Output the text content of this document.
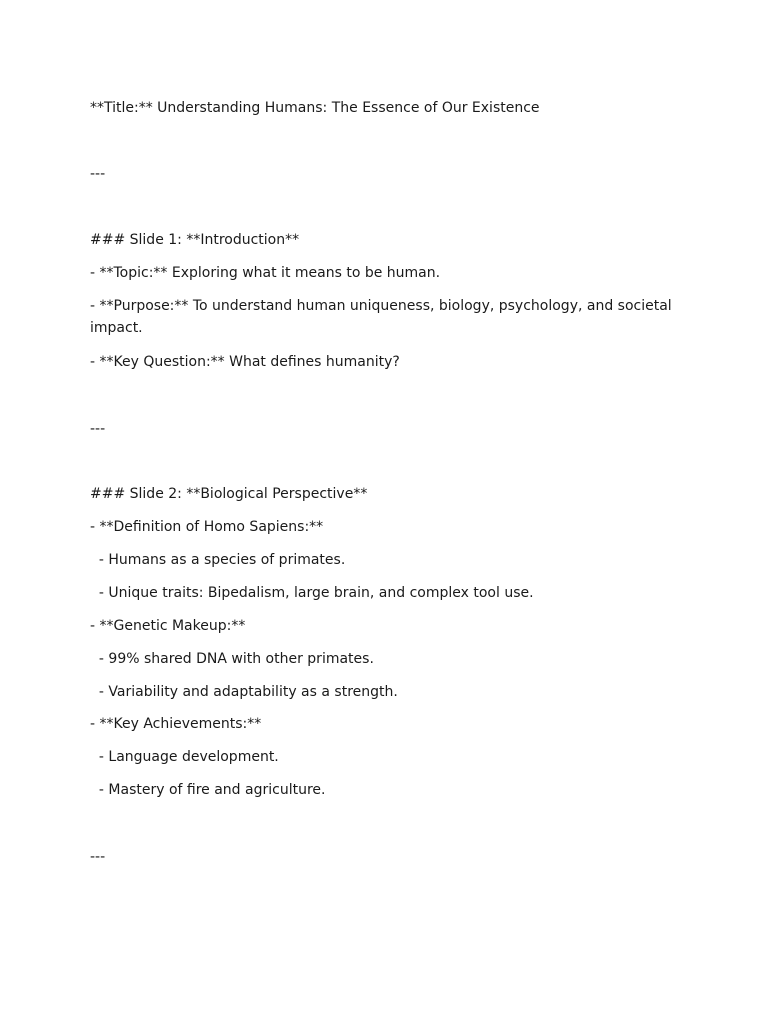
**Title:** Understanding Humans: The Essence of Our Existence

---

### Slide 1: **Introduction**

- **Topic:** Exploring what it means to be human.

- **Purpose:** To understand human uniqueness, biology, psychology, and societal impact.

- **Key Question:** What defines humanity?

---

### Slide 2: **Biological Perspective**

- **Definition of Homo Sapiens:**

- Humans as a species of primates.

- Unique traits: Bipedalism, large brain, and complex tool use.

- **Genetic Makeup:**

- 99% shared DNA with other primates.

- Variability and adaptability as a strength.

- **Key Achievements:**

- Language development.

- Mastery of fire and agriculture.

---
